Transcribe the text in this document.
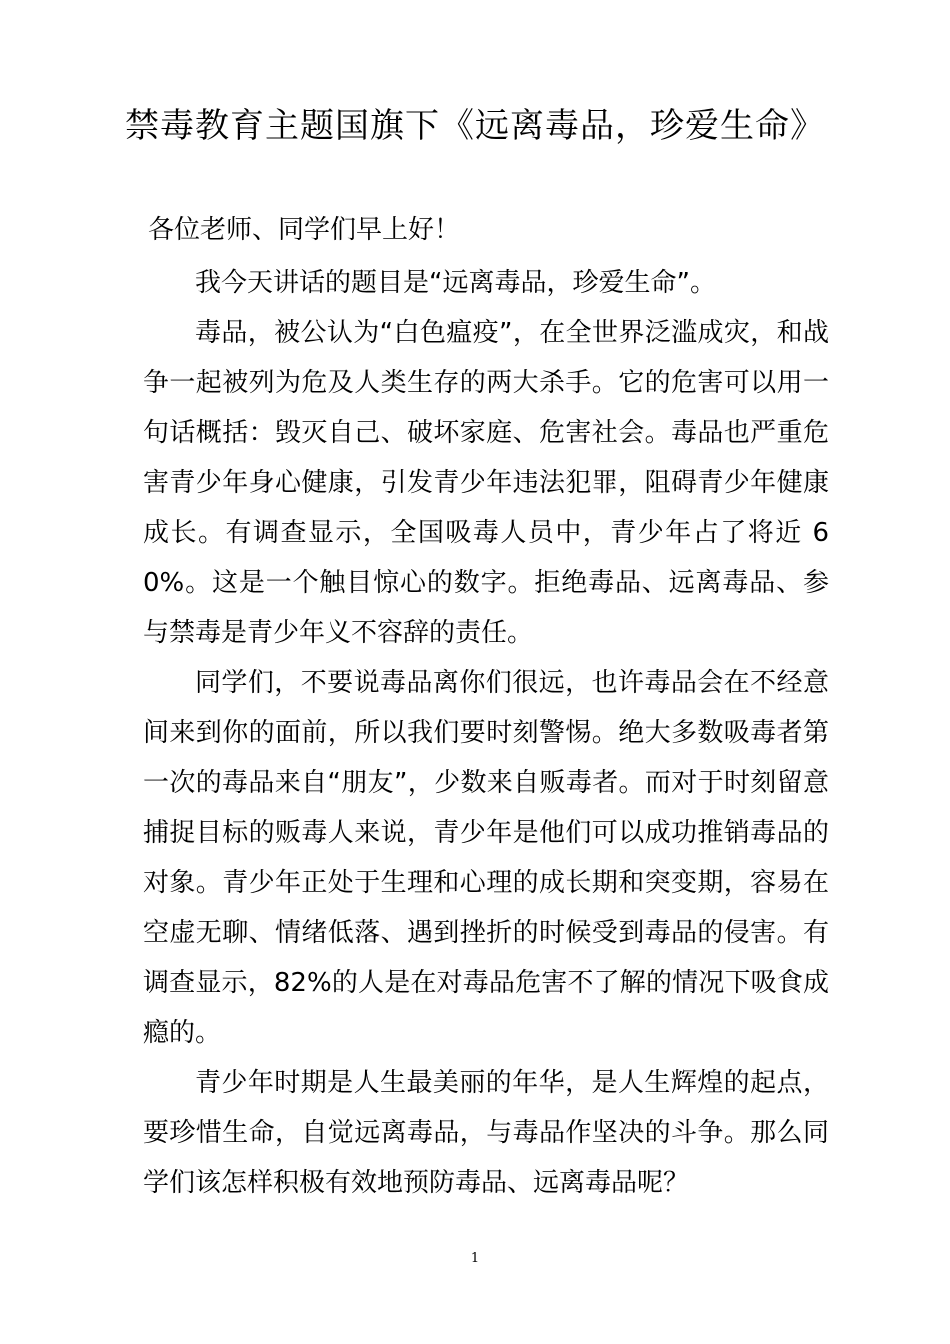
禁毒教育主题国旗下《远离毒品，珍爱生命》

各位老师、同学们早上好！

我今天讲话的题目是“远离毒品，珍爱生命”。

毒品，被公认为“白色瘟疫”，在全世界泛滥成灾，和战争一起被列为危及人类生存的两大杀手。它的危害可以用一句话概括：毁灭自己、破坏家庭、危害社会。毒品也严重危害青少年身心健康，引发青少年违法犯罪，阻碍青少年健康成长。有调查显示，全国吸毒人员中，青少年占了将近 60%。这是一个触目惊心的数字。拒绝毒品、远离毒品、参与禁毒是青少年义不容辞的责任。

同学们，不要说毒品离你们很远，也许毒品会在不经意间来到你的面前，所以我们要时刻警惕。绝大多数吸毒者第一次的毒品来自“朋友”，少数来自贩毒者。而对于时刻留意捕捉目标的贩毒人来说，青少年是他们可以成功推销毒品的对象。青少年正处于生理和心理的成长期和突变期，容易在空虚无聊、情绪低落、遇到挫折的时候受到毒品的侵害。有调查显示，82%的人是在对毒品危害不了解的情况下吸食成瘾的。

青少年时期是人生最美丽的年华，是人生辉煌的起点，要珍惜生命，自觉远离毒品，与毒品作坚决的斗争。那么同学们该怎样积极有效地预防毒品、远离毒品呢？

1
